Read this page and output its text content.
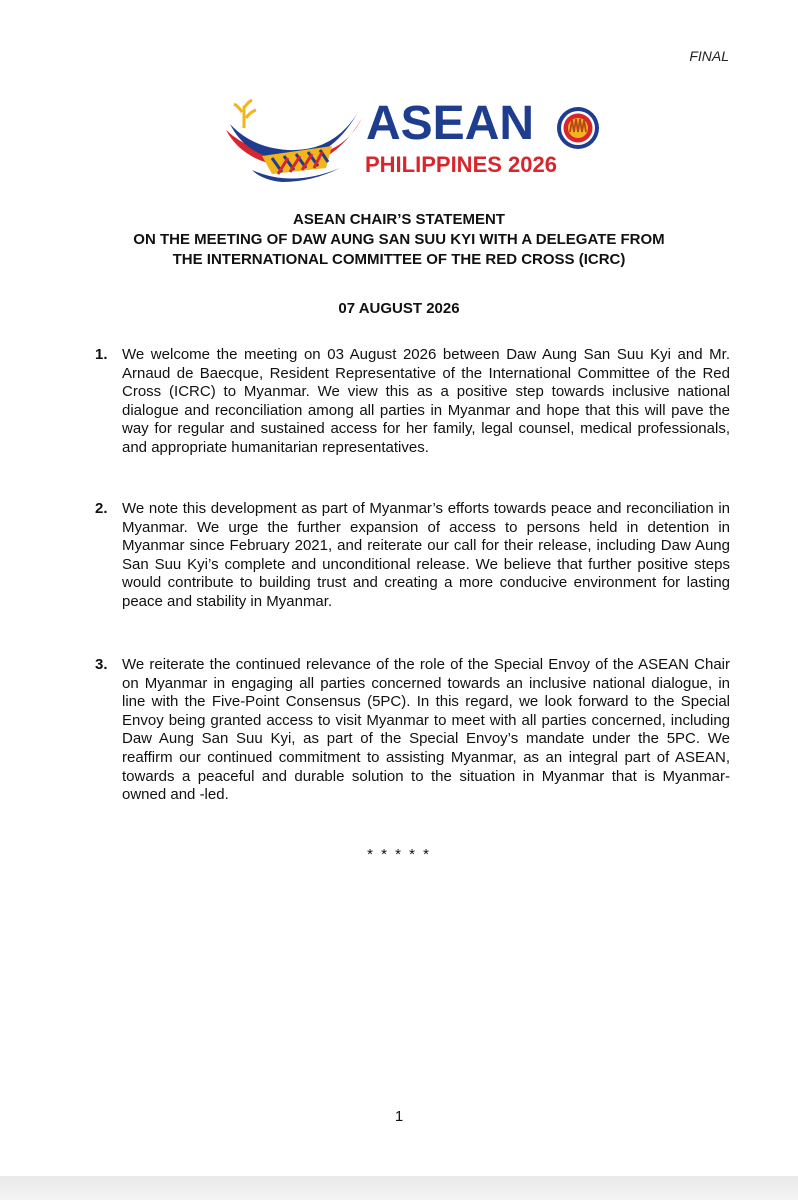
FINAL
ASEAN
PHILIPPINES 2026
ASEAN CHAIR’S STATEMENT
ON THE MEETING OF DAW AUNG SAN SUU KYI WITH A DELEGATE FROM
THE INTERNATIONAL COMMITTEE OF THE RED CROSS (ICRC)
07 AUGUST 2026
1. We welcome the meeting on 03 August 2026 between Daw Aung San Suu Kyi and Mr. Arnaud de Baecque, Resident Representative of the International Committee of the Red Cross (ICRC) to Myanmar. We view this as a positive step towards inclusive national dialogue and reconciliation among all parties in Myanmar and hope that this will pave the way for regular and sustained access for her family, legal counsel, medical professionals, and appropriate humanitarian representatives.
2. We note this development as part of Myanmar’s efforts towards peace and reconciliation in Myanmar. We urge the further expansion of access to persons held in detention in Myanmar since February 2021, and reiterate our call for their release, including Daw Aung San Suu Kyi’s complete and unconditional release. We believe that further positive steps would contribute to building trust and creating a more conducive environment for lasting peace and stability in Myanmar.
3. We reiterate the continued relevance of the role of the Special Envoy of the ASEAN Chair on Myanmar in engaging all parties concerned towards an inclusive national dialogue, in line with the Five-Point Consensus (5PC). In this regard, we look forward to the Special Envoy being granted access to visit Myanmar to meet with all parties concerned, including Daw Aung San Suu Kyi, as part of the Special Envoy’s mandate under the 5PC. We reaffirm our continued commitment to assisting Myanmar, as an integral part of ASEAN, towards a peaceful and durable solution to the situation in Myanmar that is Myanmar-owned and -led.
* * * * *
1
